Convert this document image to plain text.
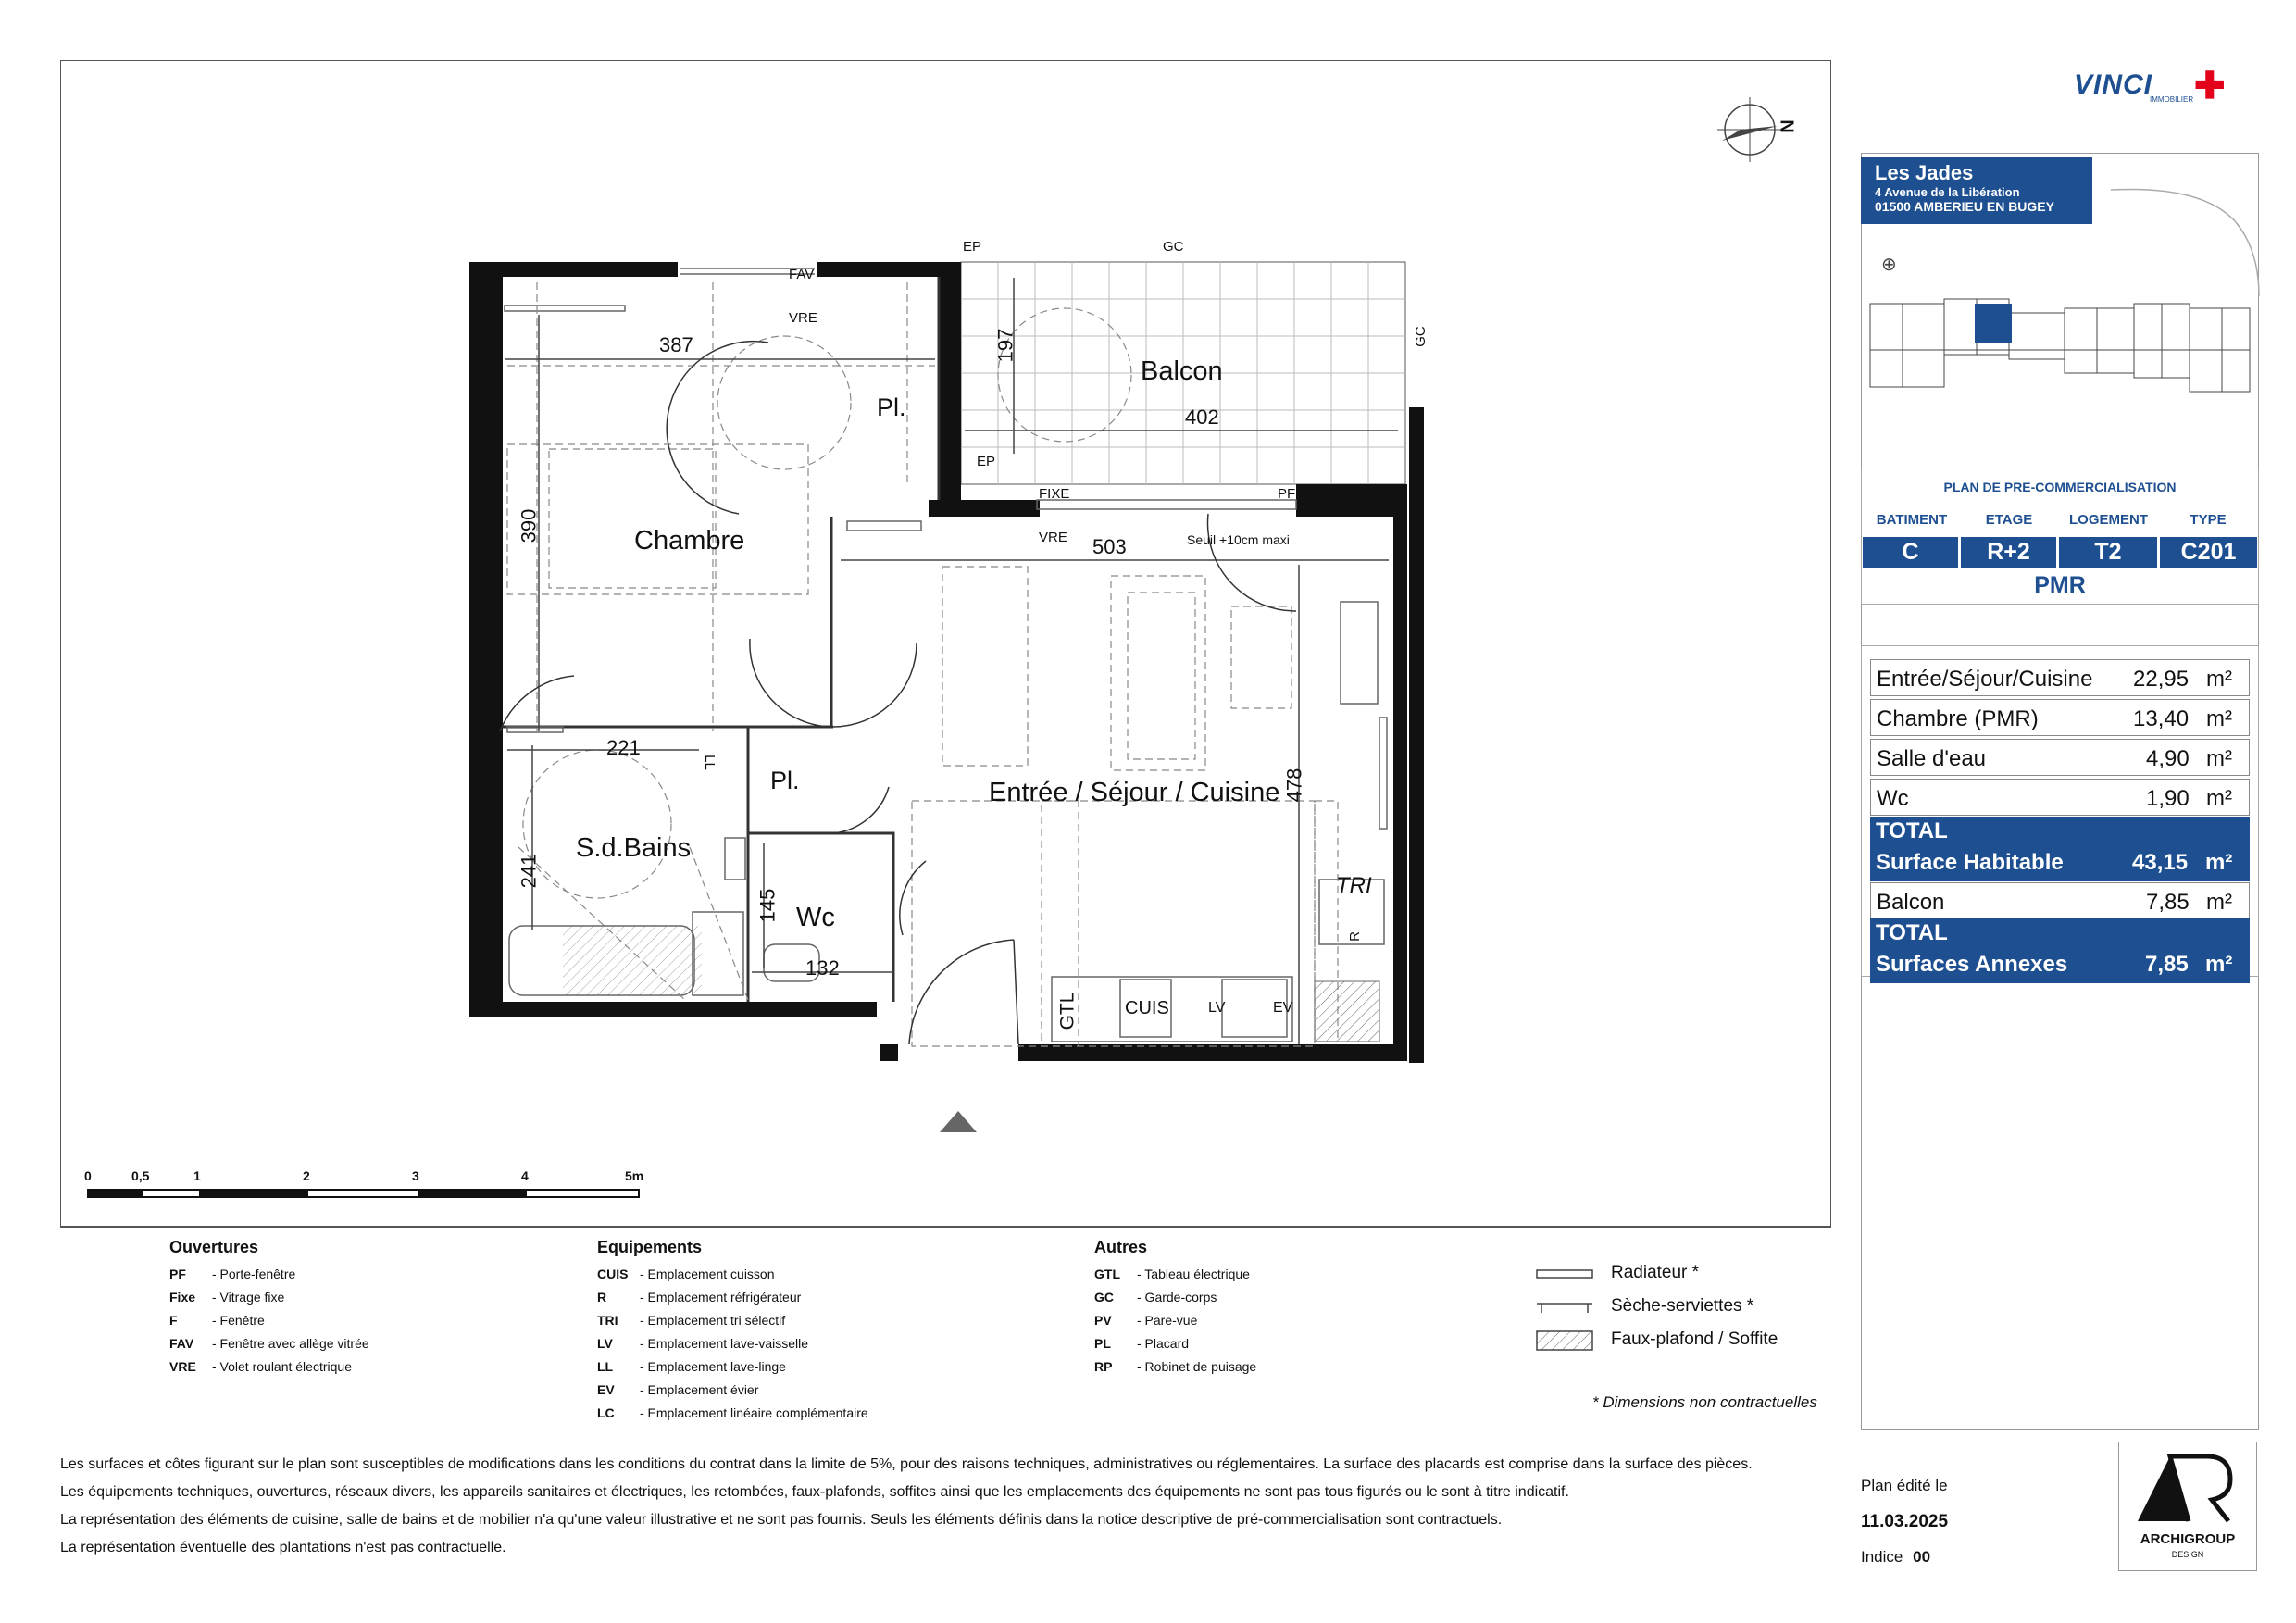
Chambre
Balcon
Entrée / Séjour / Cuisine
S.d.Bains
Wc
Pl.
Pl.
387
390
197
402
503
478
221
241
145
132
FAV
VRE
EP
EP
GC
GC
FIXE	PF
VRE	Seuil +10cm maxi
LL
GTL	CUIS	LV	EV
TRI
R
N
0	0,5	1	2	3	4	5m
Ouvertures
PF - Porte-fenêtre
Fixe - Vitrage fixe
F	- Fenêtre
FAV - Fenêtre avec allège vitrée
VRE - Volet roulant électrique
Equipements
CUIS - Emplacement cuisson
R	- Emplacement réfrigérateur
TRI - Emplacement tri sélectif
LV - Emplacement lave-vaisselle
LL - Emplacement lave-linge
EV - Emplacement évier
LC - Emplacement linéaire complémentaire
Autres
GTL - Tableau électrique
GC - Garde-corps
PV - Pare-vue
PL - Placard
RP - Robinet de puisage
Radiateur *
Sèche-serviettes *
Faux-plafond / Soffite
* Dimensions non contractuelles
Les surfaces et côtes figurant sur le plan sont susceptibles de modifications dans les conditions du contrat dans la limite de 5%, pour des raisons techniques, administratives ou réglementaires. La surface des placards est comprise dans la surface des pièces.
Les équipements techniques, ouvertures, réseaux divers, les appareils sanitaires et électriques, les retombées, faux-plafonds, soffites ainsi que les emplacements des équipements ne sont pas tous figurés ou le sont à titre indicatif.
La représentation des éléments de cuisine, salle de bains et de mobilier n'a qu'une valeur illustrative et ne sont pas fournis. Seuls les éléments définis dans la notice descriptive de pré-commercialisation sont contractuels.
La représentation éventuelle des plantations n'est pas contractuelle.
VINCI ✚
IMMOBILIER
Les Jades
4 Avenue de la Libération
01500 AMBERIEU EN BUGEY
⊕
PLAN DE PRE-COMMERCIALISATION
BATIMENT	ETAGE	LOGEMENT	TYPE
C	R+2	T2	C201
PMR
Entrée/Séjour/Cuisine 22,95 m²
Chambre (PMR)	13,40 m²
Salle d'eau	4,90 m²
Wc	1,90 m²
TOTAL
Surface Habitable	43,15 m²
Balcon	7,85 m²
TOTAL
Surfaces Annexes	7,85 m²
Plan édité le
11.03.2025
Indice 00
ARCHIGROUP
DESIGN
